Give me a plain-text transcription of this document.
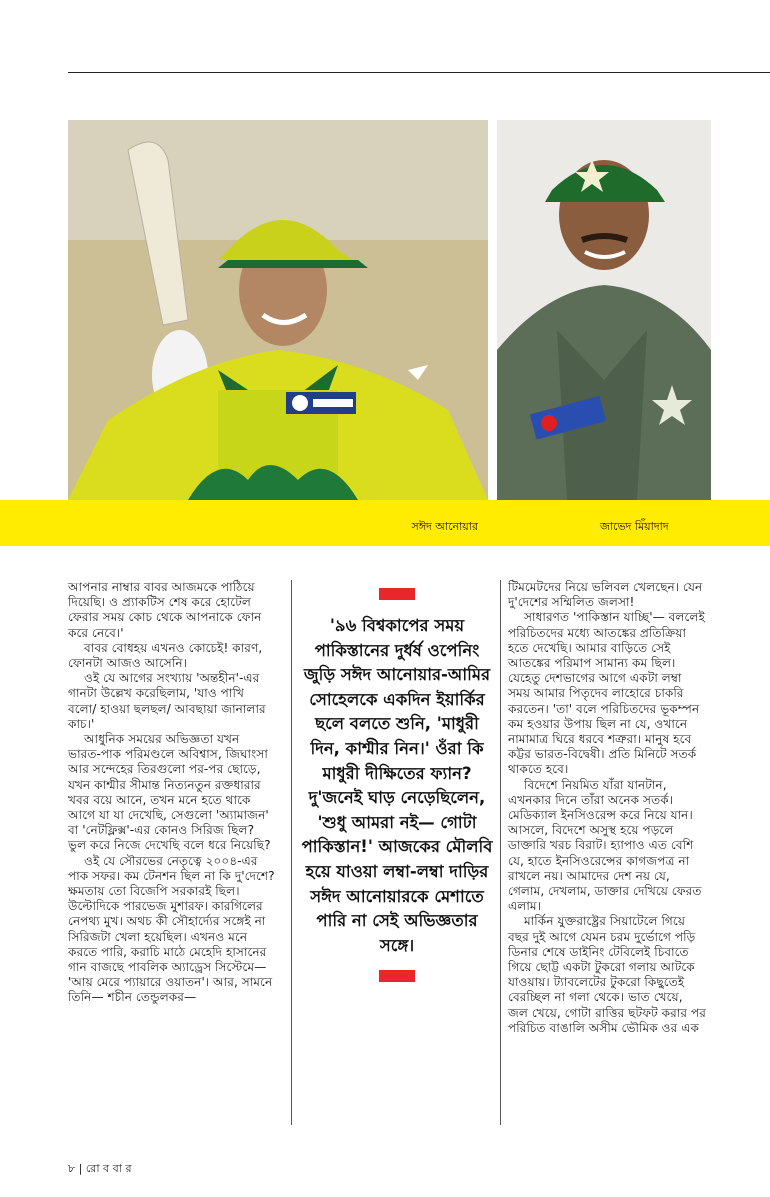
সঈদ আনোয়ার	জাভেদ মিঁয়াদাদ

আপনার নাম্বার বাবর আজমকে পাঠিয়ে দিয়েছি। ও প্র্যাকটিস শেষ করে হোটেল ফেরার সময় কোচ থেকে আপনাকে ফোন করে নেবে।'

বাবর বোধহয় এখনও কোচেই! কারণ, ফোনটা আজও আসেনি।

ওই যে আগের সংখ্যায় 'অন্তহীন'-এর গানটা উল্লেখ করেছিলাম, 'যাও পাখি বলো/ হাওয়া ছলছল/ আবছায়া জানালার কাচ।'

আধুনিক সময়ের অভিজ্ঞতা যখন ভারত-পাক পরিমণ্ডলে অবিশ্বাস, জিঘাংসা আর সন্দেহের তিরগুলো পর-পর ছোড়ে, যখন কাশ্মীর সীমান্ত নিত্যনতুন রক্তধারার খবর বয়ে আনে, তখন মনে হতে থাকে আগে যা যা দেখেছি, সেগুলো 'অ্যামাজন' বা 'নেটফ্লিক্স'-এর কোনও সিরিজ ছিল? ভুল করে নিজে দেখেছি বলে ধরে নিয়েছি?

ওই যে সৌরভের নেতৃত্বে ২০০৪-এর পাক সফর। কম টেনশন ছিল না কি দু'দেশে? ক্ষমতায় তো বিজেপি সরকারই ছিল। উল্টোদিকে পারভেজ মুশারফ। কারগিলের নেপথ্য মুখ। অথচ কী সৌহার্দ্যের সঙ্গেই না সিরিজটা খেলা হয়েছিল। এখনও মনে করতে পারি, করাচি মাঠে মেহেদি হাসানের গান বাজছে পাবলিক অ্যাড্রেস সিস্টেমে— 'আয় মেরে প্যায়ারে ওয়াতন'। আর, সামনে তিনি— শচীন তেন্ডুলকর—

'৯৬ বিশ্বকাপের সময় পাকিস্তানের দুর্ধর্ষ ওপেনিং জুড়ি সঈদ আনোয়ার-আমির সোহেলকে একদিন ইয়ার্কির ছলে বলতে শুনি, 'মাধুরী দিন, কাশ্মীর নিন।' ওঁরা কি মাধুরী দীক্ষিতের ফ্যান? দু'জনেই ঘাড় নেড়েছিলেন, 'শুধু আমরা নই— গোটা পাকিস্তান!' আজকের মৌলবি হয়ে যাওয়া লম্বা-লম্বা দাড়ির সঈদ আনোয়ারকে মেশাতে পারি না সেই অভিজ্ঞতার সঙ্গে।

টিমমেটদের নিয়ে ভলিবল খেলছেন। যেন দু'দেশের সম্মিলিত জলসা!

সাধারণত 'পাকিস্তান যাচ্ছি'— বললেই পরিচিতদের মধ্যে আতঙ্কের প্রতিক্রিয়া হতে দেখেছি। আমার বাড়িতে সেই আতঙ্কের পরিমাপ সামান্য কম ছিল। যেহেতু দেশভাগের আগে একটা লম্বা সময় আমার পিতৃদেব লাহোরে চাকরি করতেন। 'তা' বলে পরিচিতদের ভূকম্পন কম হওয়ার উপায় ছিল না যে, ওখানে নামামাত্র ঘিরে ধরবে শত্রুরা। মানুষ হবে কট্টর ভারত-বিদ্বেষী। প্রতি মিনিটে সতর্ক থাকতে হবে।

বিদেশে নিয়মিত যাঁরা যানটান, এখনকার দিনে তাঁরা অনেক সতর্ক। মেডিক্যাল ইনসিওরেন্স করে নিয়ে যান। আসলে, বিদেশে অসুস্থ হয়ে পড়লে ডাক্তারি খরচ বিরাট। হ্যাপাও এত বেশি যে, হাতে ইনসিওরেন্সের কাগজপত্র না রাখলে নয়। আমাদের দেশ নয় যে, গেলাম, দেখলাম, ডাক্তার দেখিয়ে ফেরত এলাম।

মার্কিন যুক্তরাষ্ট্রের সিয়াটেলে গিয়ে বছর দুই আগে যেমন চরম দুর্ভোগে পড়ি ডিনার শেষে ডাইনিং টেবিলেই চিবাতে গিয়ে ছোট্ট একটা টুকরো গলায় আটকে যাওয়ায়। ট্যাবলেটের টুকরো কিছুতেই বেরচ্ছিল না গলা থেকে। ভাত খেয়ে, জল খেয়ে, গোটা রাত্তির ছটফট করার পর পরিচিত বাঙালি অসীম ভৌমিক ওর এক

৮ | রো ব বা র
